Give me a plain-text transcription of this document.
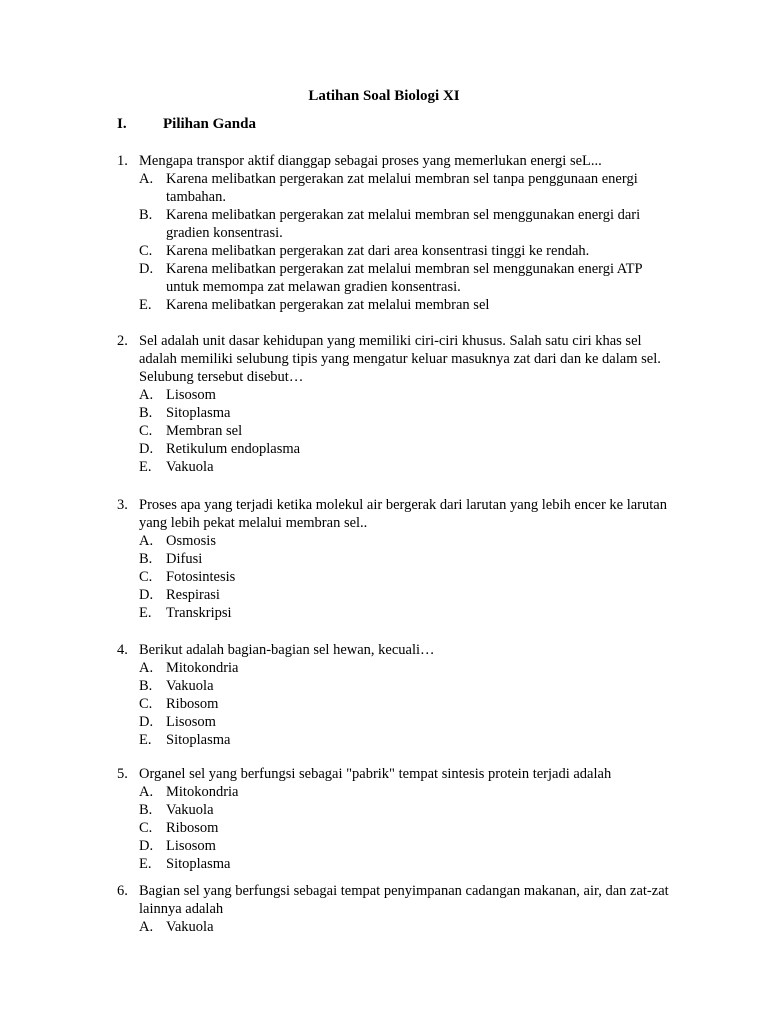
Latihan Soal Biologi XI
I. Pilihan Ganda
1. Mengapa transpor aktif dianggap sebagai proses yang memerlukan energi seL...
A. Karena melibatkan pergerakan zat melalui membran sel tanpa penggunaan energi tambahan.
B. Karena melibatkan pergerakan zat melalui membran sel menggunakan energi dari gradien konsentrasi.
C. Karena melibatkan pergerakan zat dari area konsentrasi tinggi ke rendah.
D. Karena melibatkan pergerakan zat melalui membran sel menggunakan energi ATP untuk memompa zat melawan gradien konsentrasi.
E. Karena melibatkan pergerakan zat melalui membran sel
2. Sel adalah unit dasar kehidupan yang memiliki ciri-ciri khusus. Salah satu ciri khas sel adalah memiliki selubung tipis yang mengatur keluar masuknya zat dari dan ke dalam sel. Selubung tersebut disebut…
A. Lisosom
B. Sitoplasma
C. Membran sel
D. Retikulum endoplasma
E. Vakuola
3. Proses apa yang terjadi ketika molekul air bergerak dari larutan yang lebih encer ke larutan yang lebih pekat melalui membran sel..
A. Osmosis
B. Difusi
C. Fotosintesis
D. Respirasi
E. Transkripsi
4. Berikut adalah bagian-bagian sel hewan, kecuali…
A. Mitokondria
B. Vakuola
C. Ribosom
D. Lisosom
E. Sitoplasma
5. Organel sel yang berfungsi sebagai "pabrik" tempat sintesis protein terjadi adalah
A. Mitokondria
B. Vakuola
C. Ribosom
D. Lisosom
E. Sitoplasma
6. Bagian sel yang berfungsi sebagai tempat penyimpanan cadangan makanan, air, dan zat-zat lainnya adalah
A. Vakuola
